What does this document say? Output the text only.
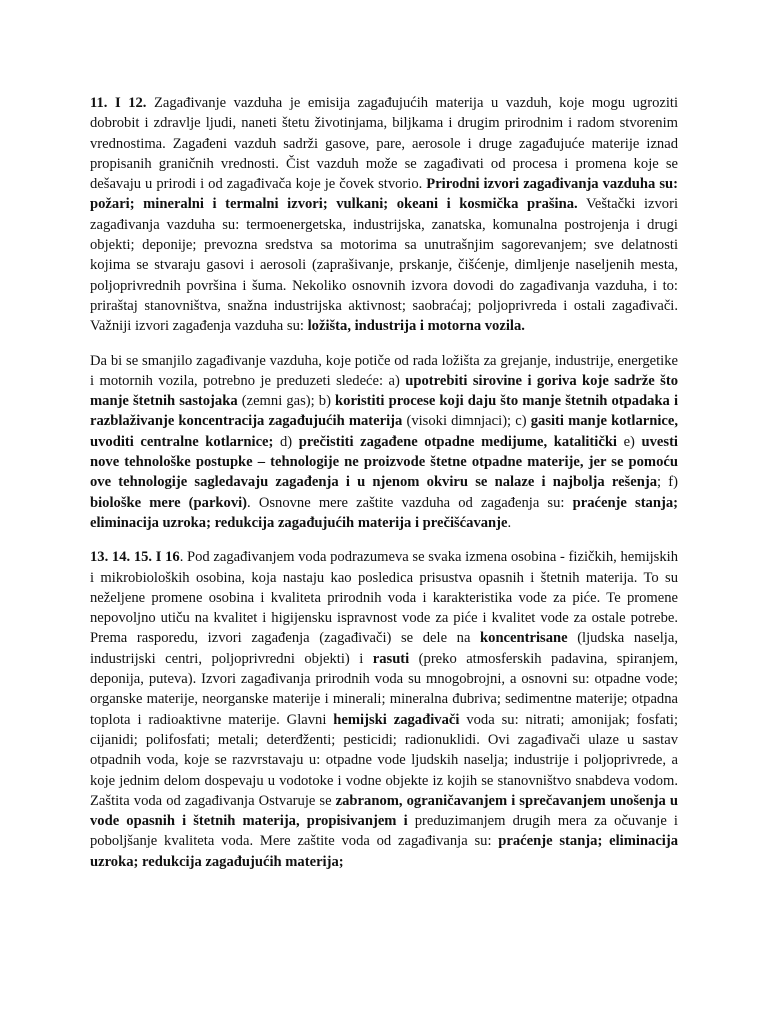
11. I 12. Zagađivanje vazduha je emisija zagađujućih materija u vazduh, koje mogu ugroziti dobrobit i zdravlje ljudi, naneti štetu životinjama, biljkama i drugim prirodnim i radom stvorenim vrednostima. Zagađeni vazduh sadrži gasove, pare, aerosole i druge zagađujuće materije iznad propisanih graničnih vrednosti. Čist vazduh može se zagađivati od procesa i promena koje se dešavaju u prirodi i od zagađivača koje je čovek stvorio. Prirodni izvori zagađivanja vazduha su: požari; mineralni i termalni izvori; vulkani; okeani i kosmička prašina. Veštački izvori zagađivanja vazduha su: termoenergetska, industrijska, zanatska, komunalna postrojenja i drugi objekti; deponije; prevozna sredstva sa motorima sa unutrašnjim sagorevanjem; sve delatnosti kojima se stvaraju gasovi i aerosoli (zaprašivanje, prskanje, čišćenje, dimljenje naseljenih mesta, poljoprivrednih površina i šuma. Nekoliko osnovnih izvora dovodi do zagađivanja vazduha, i to: priraštaj stanovništva, snažna industrijska aktivnost; saobraćaj; poljoprivreda i ostali zagađivači. Važniji izvori zagađenja vazduha su: ložišta, industrija i motorna vozila.

Da bi se smanjilo zagađivanje vazduha, koje potiče od rada ložišta za grejanje, industrije, energetike i motornih vozila, potrebno je preduzeti sledeće: a) upotrebiti sirovine i goriva koje sadrže što manje štetnih sastojaka (zemni gas); b) koristiti procese koji daju što manje štetnih otpadaka i razblaživanje koncentracija zagađujućih materija (visoki dimnjaci); c) gasiti manje kotlarnice, uvoditi centralne kotlarnice; d) prečistiti zagađene otpadne medijume, katalitički e) uvesti nove tehnološke postupke – tehnologije ne proizvode štetne otpadne materije, jer se pomoću ove tehnologije sagledavaju zagađenja i u njenom okviru se nalaze i najbolja rešenja; f) biološke mere (parkovi). Osnovne mere zaštite vazduha od zagađenja su: praćenje stanja; eliminacija uzroka; redukcija zagađujućih materija i prečišćavanje.

13. 14. 15. I 16. Pod zagađivanjem voda podrazumeva se svaka izmena osobina - fizičkih, hemijskih i mikrobioloških osobina, koja nastaju kao posledica prisustva opasnih i štetnih materija. To su neželjene promene osobina i kvaliteta prirodnih voda i karakteristika vode za piće. Te promene nepovoljno utiču na kvalitet i higijensku ispravnost vode za piće i kvalitet vode za ostale potrebe. Prema rasporedu, izvori zagađenja (zagađivači) se dele na koncentrisane (ljudska naselja, industrijski centri, poljoprivredni objekti) i rasuti (preko atmosferskih padavina, spiranjem, deponija, puteva). Izvori zagađivanja prirodnih voda su mnogobrojni, a osnovni su: otpadne vode; organske materije, neorganske materije i minerali; mineralna đubriva; sedimentne materije; otpadna toplota i radioaktivne materije. Glavni hemijski zagađivači voda su: nitrati; amonijak; fosfati; cijanidi; polifosfati; metali; deterđženti; pesticidi; radionuklidi. Ovi zagađivači ulaze u sastav otpadnih voda, koje se razvrstavaju u: otpadne vode ljudskih naselja; industrije i poljoprivrede, a koje jednim delom dospevaju u vodotoke i vodne objekte iz kojih se stanovništvo snabdeva vodom. Zaštita voda od zagađivanja Ostvaruje se zabranom, ograničavanjem i sprečavanjem unošenja u vode opasnih i štetnih materija, propisivanjem i preduzimanjem drugih mera za očuvanje i poboljšanje kvaliteta voda. Mere zaštite voda od zagađivanja su: praćenje stanja; eliminacija uzroka; redukcija zagađujućih materija;
